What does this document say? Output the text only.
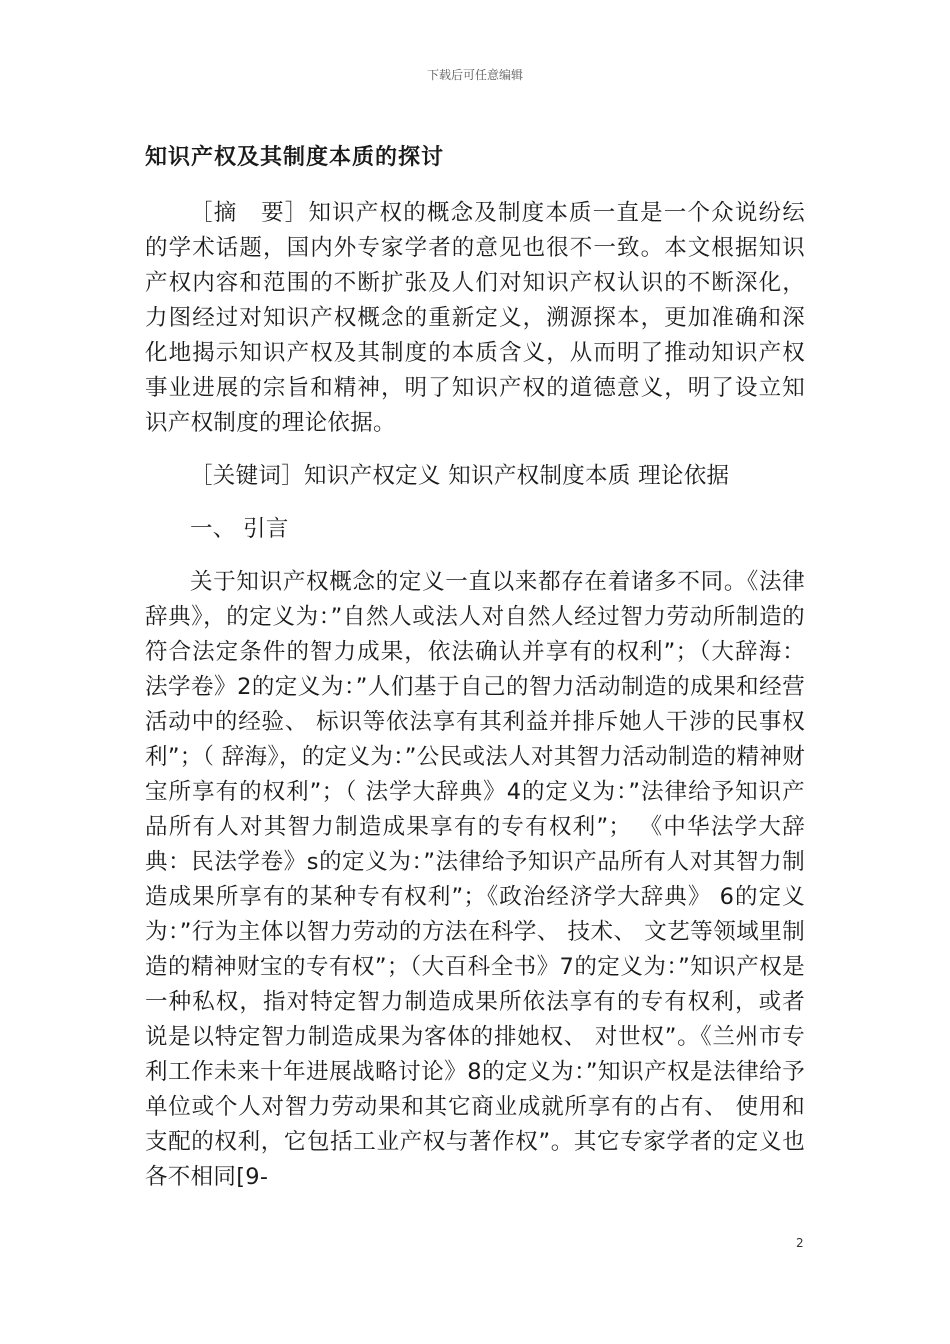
下载后可任意编辑
知识产权及其制度本质的探讨

［摘　要］知识产权的概念及制度本质一直是一个众说纷纭的学术话题，国内外专家学者的意见也很不一致。本文根据知识产权内容和范围的不断扩张及人们对知识产权认识的不断深化，力图经过对知识产权概念的重新定义，溯源探本，更加准确和深化地揭示知识产权及其制度的本质含义，从而明了推动知识产权事业进展的宗旨和精神，明了知识产权的道德意义，明了设立知识产权制度的理论依据。

［关键词］知识产权定义 知识产权制度本质 理论依据

一、 引言

关于知识产权概念的定义一直以来都存在着诸多不同。《法律辞典》，的定义为：”自然人或法人对自然人经过智力劳动所制造的符合法定条件的智力成果，依法确认并享有的权利”；（大辞海：法学卷》2的定义为：”人们基于自己的智力活动制造的成果和经营活动中的经验、 标识等依法享有其利益并排斥她人干涉的民事权利”；（ 辞海》，的定义为：”公民或法人对其智力活动制造的精神财宝所享有的权利”；（ 法学大辞典》4的定义为：”法律给予知识产品所有人对其智力制造成果享有的专有权利”； 《中华法学大辞典：民法学卷》s的定义为：”法律给予知识产品所有人对其智力制造成果所享有的某种专有权利”；《政治经济学大辞典》 6的定义为：”行为主体以智力劳动的方法在科学、 技术、 文艺等领域里制造的精神财宝的专有权”；（大百科全书》7的定义为：”知识产权是一种私权，指对特定智力制造成果所依法享有的专有权利，或者说是以特定智力制造成果为客体的排她权、 对世权”。《兰州市专利工作未来十年进展战略讨论》8的定义为：”知识产权是法律给予单位或个人对智力劳动果和其它商业成就所享有的占有、 使用和支配的权利，它包括工业产权与著作权”。其它专家学者的定义也各不相同[9-

2
